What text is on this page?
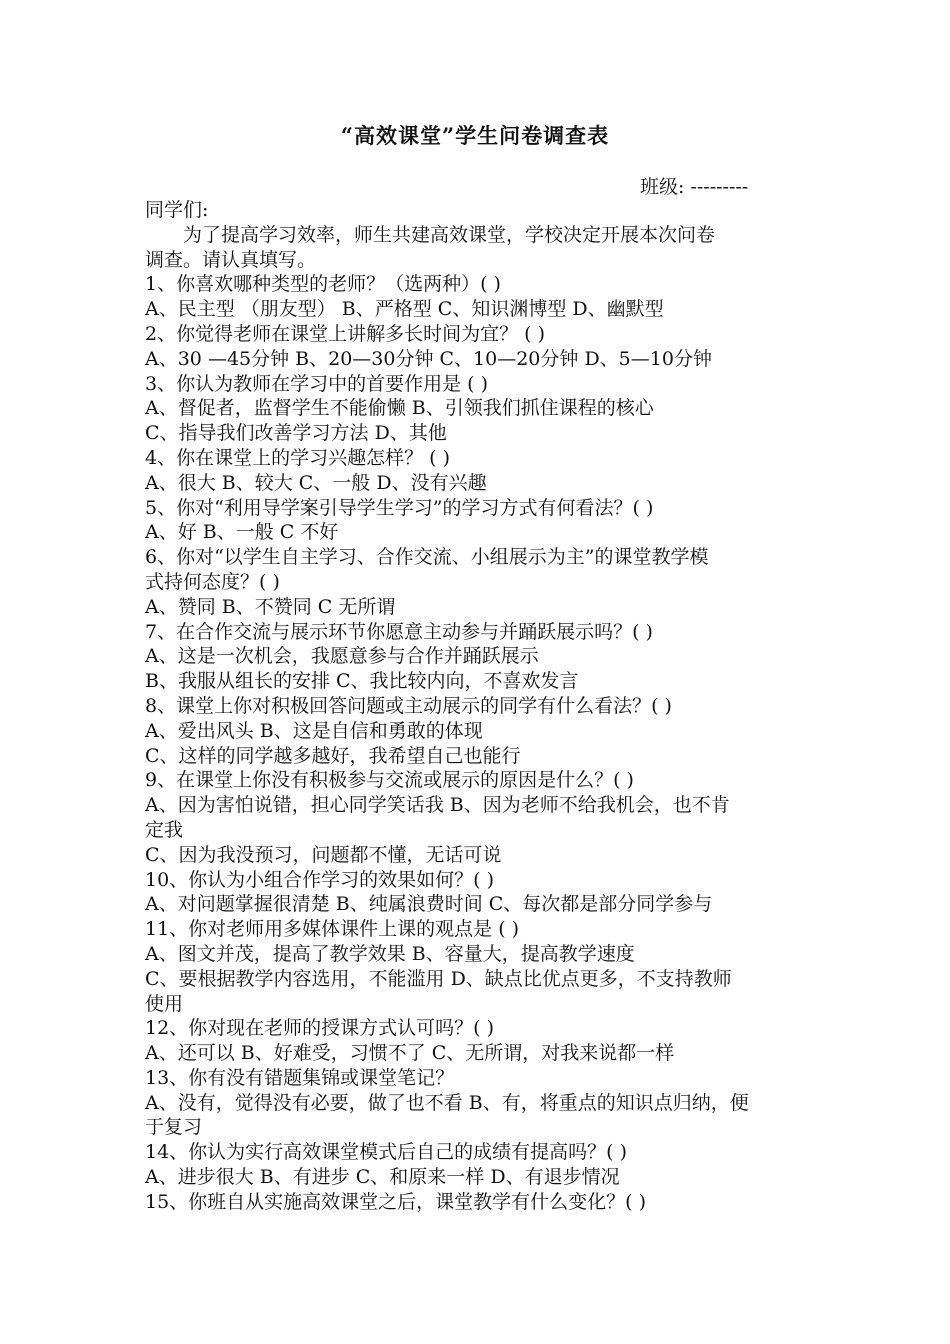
“高效课堂”学生问卷调查表
班级: ---------
同学们:
为了提高学习效率，师生共建高效课堂，学校决定开展本次问卷
调查。请认真填写。
1、你喜欢哪种类型的老师？（选两种）( )
A、民主型 （朋友型） B、严格型 C、知识渊博型 D、幽默型
2、你觉得老师在课堂上讲解多长时间为宜？ ( )
A、30 —45分钟 B、20—30分钟 C、10—20分钟 D、5—10分钟
3、你认为教师在学习中的首要作用是 ( )
A、督促者，监督学生不能偷懒 B、引领我们抓住课程的核心
C、指导我们改善学习方法 D、其他
4、你在课堂上的学习兴趣怎样？ ( )
A、很大 B、较大 C、一般 D、没有兴趣
5、你对“利用导学案引导学生学习”的学习方式有何看法？( )
A、好 B、一般 C 不好
6、你对“以学生自主学习、合作交流、小组展示为主”的课堂教学模
式持何态度？( )
A、赞同 B、不赞同 C 无所谓
7、在合作交流与展示环节你愿意主动参与并踊跃展示吗？( )
A、这是一次机会，我愿意参与合作并踊跃展示
B、我服从组长的安排 C、我比较内向，不喜欢发言
8、课堂上你对积极回答问题或主动展示的同学有什么看法？( )
A、爱出风头 B、这是自信和勇敢的体现
C、这样的同学越多越好，我希望自己也能行
9、在课堂上你没有积极参与交流或展示的原因是什么？( )
A、因为害怕说错，担心同学笑话我 B、因为老师不给我机会，也不肯
定我
C、因为我没预习，问题都不懂，无话可说
10、你认为小组合作学习的效果如何？( )
A、对问题掌握很清楚 B、纯属浪费时间 C、每次都是部分同学参与
11、你对老师用多媒体课件上课的观点是 ( )
A、图文并茂，提高了教学效果 B、容量大，提高教学速度
C、要根据教学内容选用，不能滥用 D、缺点比优点更多，不支持教师
使用
12、你对现在老师的授课方式认可吗？( )
A、还可以 B、好难受，习惯不了 C、无所谓，对我来说都一样
13、你有没有错题集锦或课堂笔记？
A、没有，觉得没有必要，做了也不看 B、有，将重点的知识点归纳，便
于复习
14、你认为实行高效课堂模式后自己的成绩有提高吗？( )
A、进步很大 B、有进步 C、和原来一样 D、有退步情况
15、你班自从实施高效课堂之后，课堂教学有什么变化？( )
